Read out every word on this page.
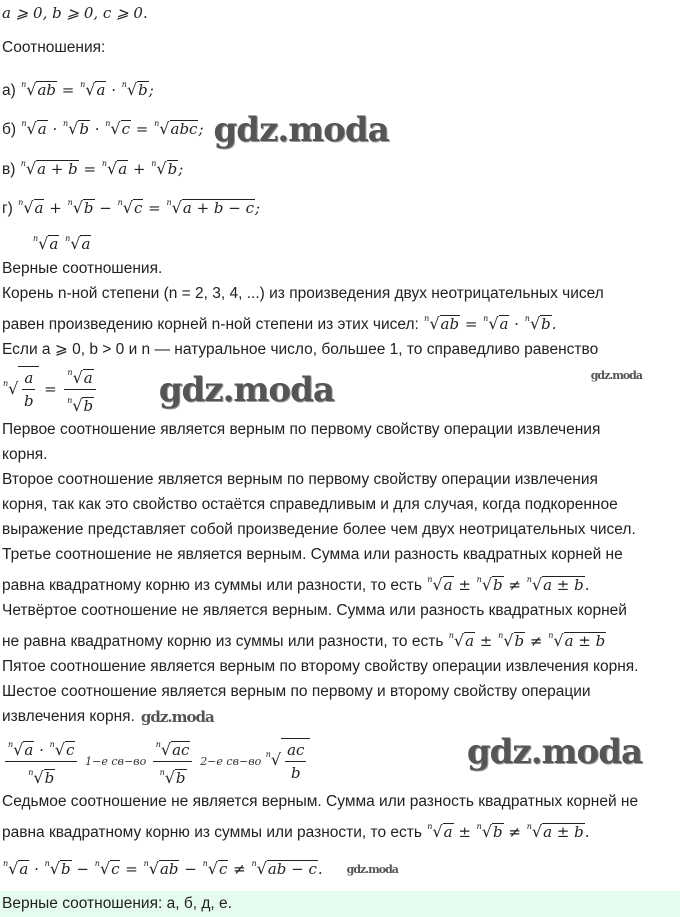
a ⩾ 0, b ⩾ 0, c ⩾ 0.
Соотношения:
а) $^n$√ab = $^n$√a · $^n$√b;
б) $^n$√a · $^n$√b · $^n$√c = $^n$√abc; gdz.moda
в) $^n$√a + b = $^n$√a + $^n$√b;
г) $^n$√a + $^n$√b − $^n$√c = $^n$√a + b − c;
$^n$√a $^n$√a
Верные соотношения.
Корень n-ной степени (n = 2, 3, 4, ...) из произведения двух неотрицательных чисел
равен произведению корней n-ной степени из этих чисел: $^n$√ab = $^n$√a · $^n$√b.
Если a ⩾ 0, b > 0 и n — натуральное число, большее 1, то справедливо равенство
$^n√ \frac{a}{b} = \frac{^n√a}{^n√b}$ gdz.moda	gdz.moda
Первое соотношение является верным по первому свойству операции извлечения
корня.
Второе соотношение является верным по первому свойству операции извлечения
корня, так как это свойство остаётся справедливым и для случая, когда подкоренное
выражение представляет собой произведение более чем двух неотрицательных чисел.
Третье соотношение не является верным. Сумма или разность квадратных корней не
равна квадратному корню из суммы или разности, то есть $^n$√a ± $^n$√b ≠ $^n$√a ± b.
Четвёртое соотношение не является верным. Сумма или разность квадратных корней
не равна квадратному корню из суммы или разности, то есть $^n$√a ± $^n$√b ≠ $^n$√a ± b
Пятое соотношение является верным по второму свойству операции извлечения корня.
Шестое соотношение является верным по первому и второму свойству операции
извлечения корня. gdz.moda
$\frac{^n√a \cdot ^n√c}{^n√b} 1-е$ $св-во \frac{^n√ac}{^n√b} 2-е$ св−во $^n√ \frac{ac}{b}$	gdz.moda
Седьмое соотношение не является верным. Сумма или разность квадратных корней не
равна квадратному корню из суммы или разности, то есть $^n$√a ± $^n$√b ≠ $^n$√a ± b.
$^n$√a · $^n$√b − $^n$√c = $^n$√ab − $^n$√c ≠ $^n$√ab − c. gdz.moda
Верные соотношения: а, б, д, е.
